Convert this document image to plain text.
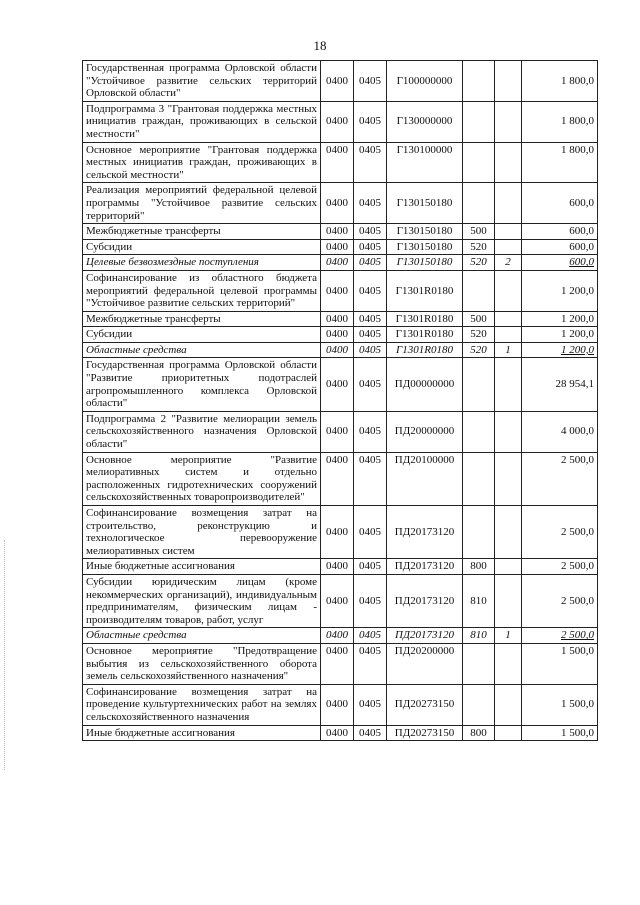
18
Государственная программа Орловской области "Устойчивое развитие сельских территорий Орловской области"	0400	0405	Г100000000			1 800,0
Подпрограмма 3 "Грантовая поддержка местных инициатив граждан, проживающих в сельской местности"	0400	0405	Г130000000			1 800,0
Основное мероприятие "Грантовая поддержка местных инициатив граждан, проживающих в сельской местности"	0400	0405	Г130100000			1 800,0
Реализация мероприятий федеральной целевой программы "Устойчивое развитие сельских территорий"	0400	0405	Г130150180			600,0
Межбюджетные трансферты	0400	0405	Г130150180	500		600,0
Субсидии	0400	0405	Г130150180	520		600,0
Целевые безвозмездные поступления	0400	0405	Г130150180	520	2	600,0
Софинансирование из областного бюджета мероприятий федеральной целевой программы "Устойчивое развитие сельских территорий"	0400	0405	Г1301R0180			1 200,0
Межбюджетные трансферты	0400	0405	Г1301R0180	500		1 200,0
Субсидии	0400	0405	Г1301R0180	520		1 200,0
Областные средства	0400	0405	Г1301R0180	520	1	1 200,0
Государственная программа Орловской области "Развитие приоритетных подотраслей агропромышленного комплекса Орловской области"	0400	0405	ПД00000000			28 954,1
Подпрограмма 2 "Развитие мелиорации земель сельскохозяйственного назначения Орловской области"	0400	0405	ПД20000000			4 000,0
Основное мероприятие "Развитие мелиоративных систем и отдельно расположенных гидротехнических сооружений сельскохозяйственных товаропроизводителей"	0400	0405	ПД20100000			2 500,0
Софинансирование возмещения затрат на строительство, реконструкцию и технологическое перевооружение мелиоративных систем	0400	0405	ПД20173120			2 500,0
Иные бюджетные ассигнования	0400	0405	ПД20173120	800		2 500,0
Субсидии юридическим лицам (кроме некоммерческих организаций), индивидуальным предпринимателям, физическим лицам - производителям товаров, работ, услуг	0400	0405	ПД20173120	810		2 500,0
Областные средства	0400	0405	ПД20173120	810	1	2 500,0
Основное мероприятие "Предотвращение выбытия из сельскохозяйственного оборота земель сельскохозяйственного назначения"	0400	0405	ПД20200000			1 500,0
Софинансирование возмещения затрат на проведение культуртехнических работ на землях сельскохозяйственного назначения	0400	0405	ПД20273150			1 500,0
Иные бюджетные ассигнования	0400	0405	ПД20273150	800		1 500,0
